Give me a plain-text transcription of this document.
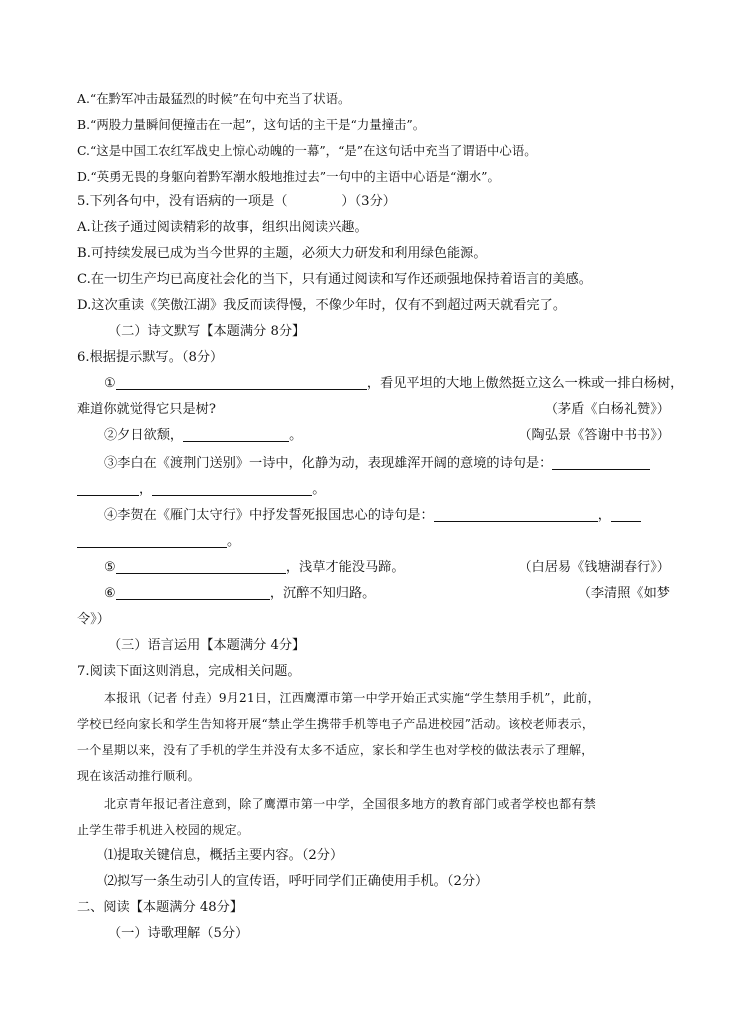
A.“在黔军冲击最猛烈的时候”在句中充当了状语。
B.“两股力量瞬间便撞击在一起”，这句话的主干是“力量撞击”。
C.“这是中国工农红军战史上惊心动魄的一幕”，“是”在这句话中充当了谓语中心语。
D.“英勇无畏的身躯向着黔军潮水般地推过去”一句中的主语中心语是“潮水”。
5.下列各句中，没有语病的一项是（	）（3分）
A.让孩子通过阅读精彩的故事，组织出阅读兴趣。
B.可持续发展已成为当今世界的主题，必须大力研发和利用绿色能源。
C.在一切生产均已高度社会化的当下，只有通过阅读和写作还顽强地保持着语言的美感。
D.这次重读《笑傲江湖》我反而读得慢，不像少年时，仅有不到超过两天就看完了。
（二）诗文默写【本题满分 8分】
6.根据提示默写。（8分）
①	，看见平坦的大地上傲然挺立这么一株或一排白杨树，
难道你就觉得它只是树?	（茅盾《白杨礼赞》）
②夕日欲颓，	。	（陶弘景《答谢中书书》）
③李白在《渡荆门送别》一诗中，化静为动，表现雄浑开阔的意境的诗句是：
，	。
④李贺在《雁门太守行》中抒发誓死报国忠心的诗句是：	，
。
⑤	，浅草才能没马蹄。	（白居易《钱塘湖春行》）
⑥	，沉醉不知归路。	（李清照《如梦
令》）
（三）语言运用【本题满分 4分】
7.阅读下面这则消息，完成相关问题。
本报讯（记者 付垚）9月21日，江西鹰潭市第一中学开始正式实施“学生禁用手机”，此前，
学校已经向家长和学生告知将开展“禁止学生携带手机等电子产品进校园”活动。该校老师表示，
一个星期以来，没有了手机的学生并没有太多不适应，家长和学生也对学校的做法表示了理解，
现在该活动推行顺利。
北京青年报记者注意到，除了鹰潭市第一中学，全国很多地方的教育部门或者学校也都有禁
止学生带手机进入校园的规定。
⑴提取关键信息，概括主要内容。（2分）
⑵拟写一条生动引人的宣传语，呼吁同学们正确使用手机。（2分）
二、阅读【本题满分 48分】
（一）诗歌理解（5分）
